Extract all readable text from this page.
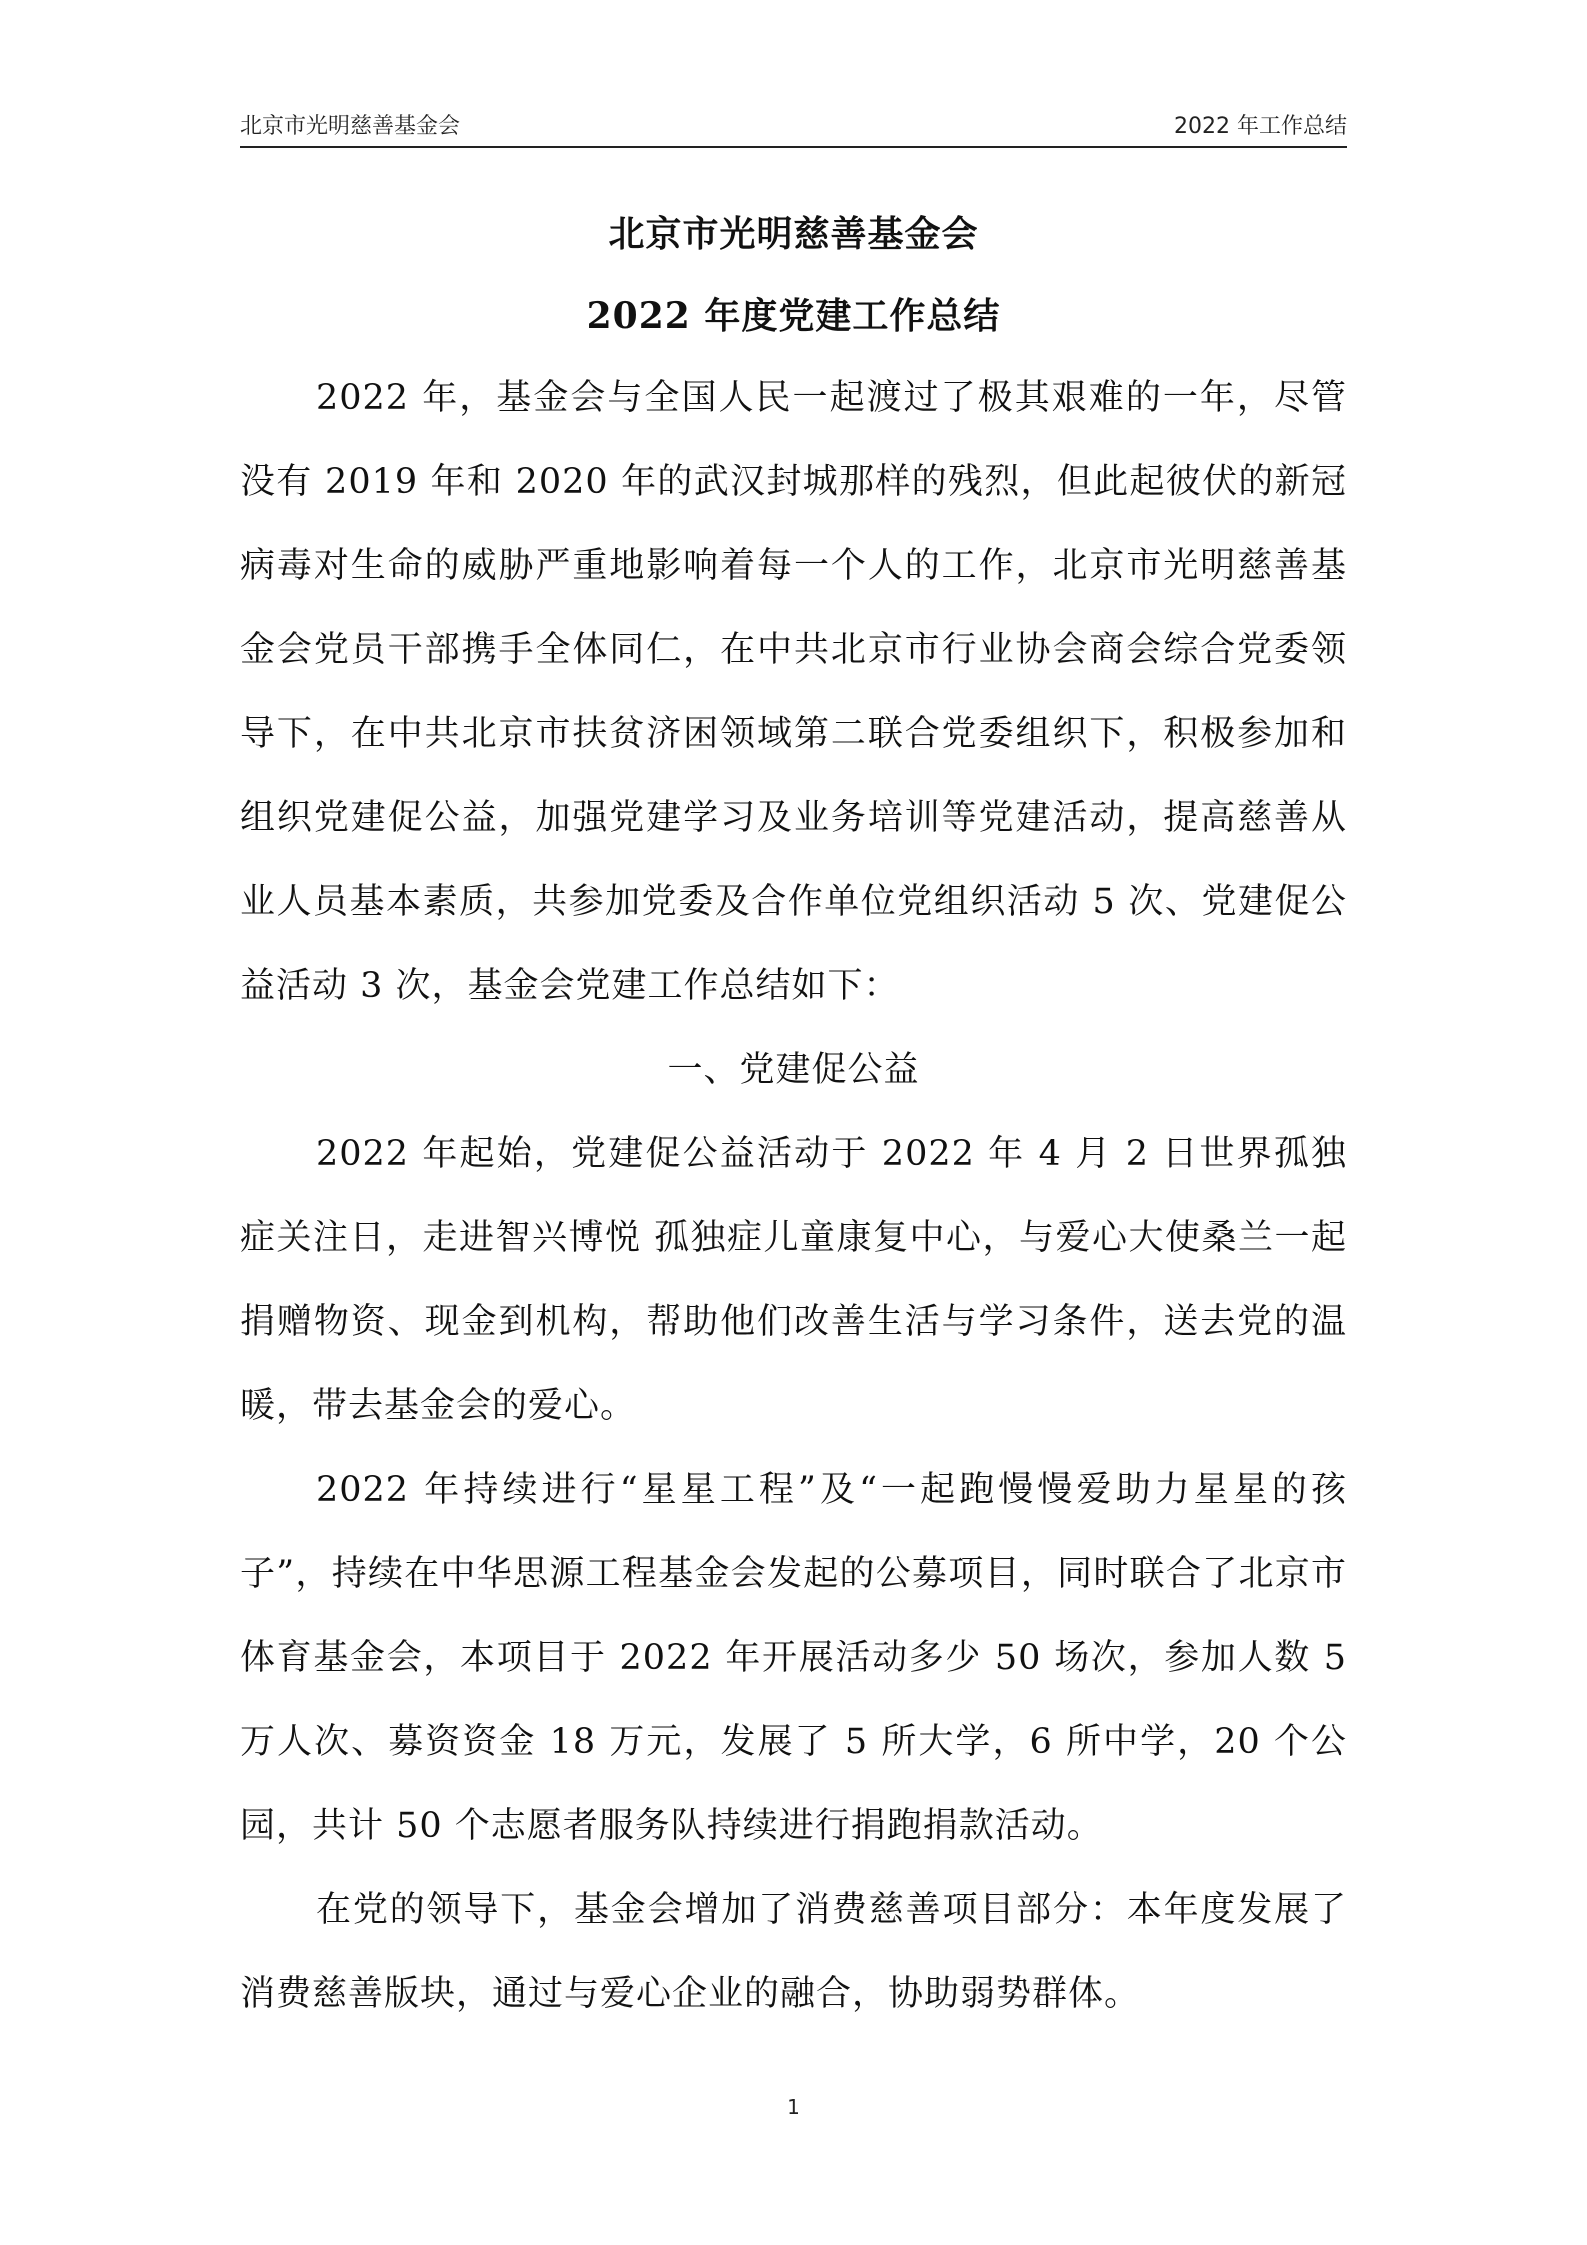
北京市光明慈善基金会	2022 年工作总结

北京市光明慈善基金会

2022 年度党建工作总结

2022 年，基金会与全国人民一起渡过了极其艰难的一年，尽管没有 2019 年和 2020 年的武汉封城那样的残烈，但此起彼伏的新冠病毒对生命的威胁严重地影响着每一个人的工作，北京市光明慈善基金会党员干部携手全体同仁，在中共北京市行业协会商会综合党委领导下，在中共北京市扶贫济困领域第二联合党委组织下，积极参加和组织党建促公益，加强党建学习及业务培训等党建活动，提高慈善从业人员基本素质，共参加党委及合作单位党组织活动 5 次、党建促公益活动 3 次，基金会党建工作总结如下：

一、党建促公益

2022 年起始，党建促公益活动于 2022 年 4 月 2 日世界孤独症关注日，走进智兴博悦 孤独症儿童康复中心，与爱心大使桑兰一起捐赠物资、现金到机构，帮助他们改善生活与学习条件，送去党的温暖，带去基金会的爱心。

2022 年持续进行“星星工程”及“一起跑慢慢爱助力星星的孩子”，持续在中华思源工程基金会发起的公募项目，同时联合了北京市体育基金会，本项目于 2022 年开展活动多少 50 场次，参加人数 5 万人次、募资资金 18 万元，发展了 5 所大学，6 所中学，20 个公园，共计 50 个志愿者服务队持续进行捐跑捐款活动。

在党的领导下，基金会增加了消费慈善项目部分：本年度发展了消费慈善版块，通过与爱心企业的融合，协助弱势群体。

1
